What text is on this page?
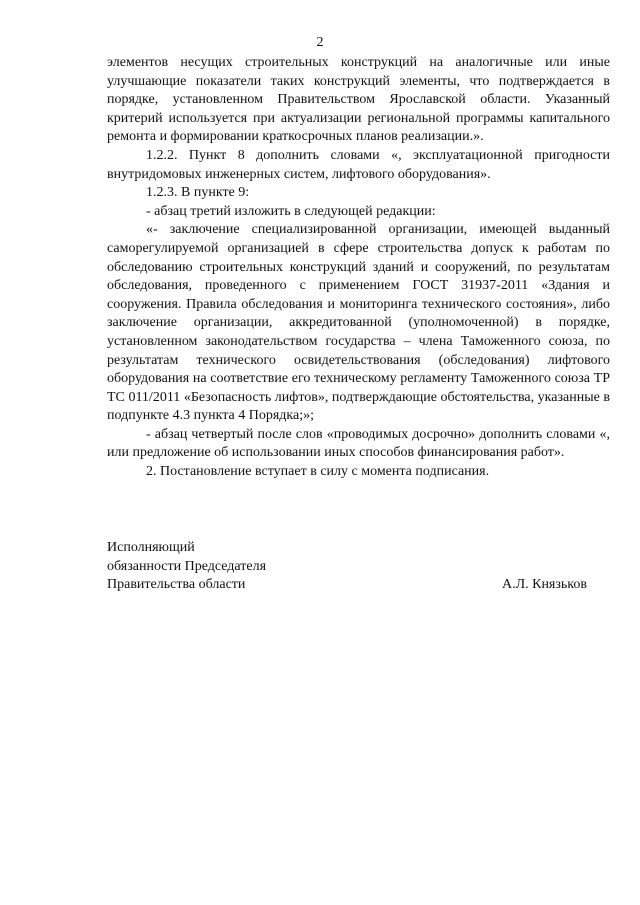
2

элементов несущих строительных конструкций на аналогичные или иные улучшающие показатели таких конструкций элементы, что подтверждается в порядке, установленном Правительством Ярославской области. Указанный критерий используется при актуализации региональной программы капитального ремонта и формировании краткосрочных планов реализации.».

1.2.2. Пункт 8 дополнить словами «, эксплуатационной пригодности внутридомовых инженерных систем, лифтового оборудования».

1.2.3. В пункте 9:

- абзац третий изложить в следующей редакции:

«- заключение специализированной организации, имеющей выданный саморегулируемой организацией в сфере строительства допуск к работам по обследованию строительных конструкций зданий и сооружений, по результатам обследования, проведенного с применением ГОСТ 31937-2011 «Здания и сооружения. Правила обследования и мониторинга технического состояния», либо заключение организации, аккредитованной (уполномоченной) в порядке, установленном законодательством государства – члена Таможенного союза, по результатам технического освидетельствования (обследования) лифтового оборудования на соответствие его техническому регламенту Таможенного союза ТР ТС 011/2011 «Безопасность лифтов», подтверждающие обстоятельства, указанные в подпункте 4.3 пункта 4 Порядка;»;

- абзац четвертый после слов «проводимых досрочно» дополнить словами «, или предложение об использовании иных способов финансирования работ».

2. Постановление вступает в силу с момента подписания.

Исполняющий
обязанности Председателя
Правительства области	А.Л. Князьков
